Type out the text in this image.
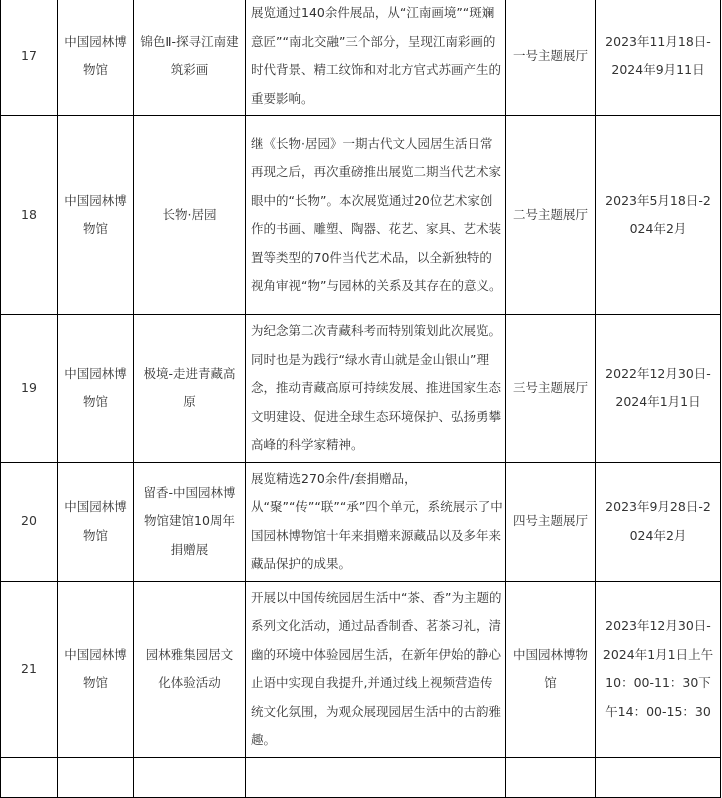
17	中国园林博物馆	锦色Ⅱ-探寻江南建筑彩画	展览通过140余件展品，从“江南画境”“斑斓意匠”“南北交融”三个部分，呈现江南彩画的时代背景、精工纹饰和对北方官式苏画产生的重要影响。	一号主题展厅	2023年11月18日-2024年9月11日
18	中国园林博物馆	长物·居园	继《长物·居园》一期古代文人园居生活日常再现之后，再次重磅推出展览二期当代艺术家眼中的“长物”。本次展览通过20位艺术家创作的书画、雕塑、陶器、花艺、家具、艺术装置等类型的70件当代艺术品，以全新独特的视角审视“物”与园林的关系及其存在的意义。	二号主题展厅	2023年5月18日-2024年2月
19	中国园林博物馆	极境-走进青藏高原	为纪念第二次青藏科考而特别策划此次展览。同时也是为践行“绿水青山就是金山银山”理念，推动青藏高原可持续发展、推进国家生态文明建设、促进全球生态环境保护、弘扬勇攀高峰的科学家精神。	三号主题展厅	2022年12月30日-2024年1月1日
20	中国园林博物馆	留香-中国园林博物馆建馆10周年捐赠展	展览精选270余件/套捐赠品，从“聚”“传”“联”“承”四个单元，系统展示了中国园林博物馆十年来捐赠来源藏品以及多年来藏品保护的成果。	四号主题展厅	2023年9月28日-2024年2月
21	中国园林博物馆	园林雅集园居文化体验活动	开展以中国传统园居生活中“茶、香”为主题的系列文化活动，通过品香制香、茗茶习礼，清幽的环境中体验园居生活，在新年伊始的静心止语中实现自我提升,并通过线上视频营造传统文化氛围，为观众展现园居生活中的古韵雅趣。	中国园林博物馆	2023年12月30日-2024年1月1日上午10：00-11：30下午14：00-15：30
